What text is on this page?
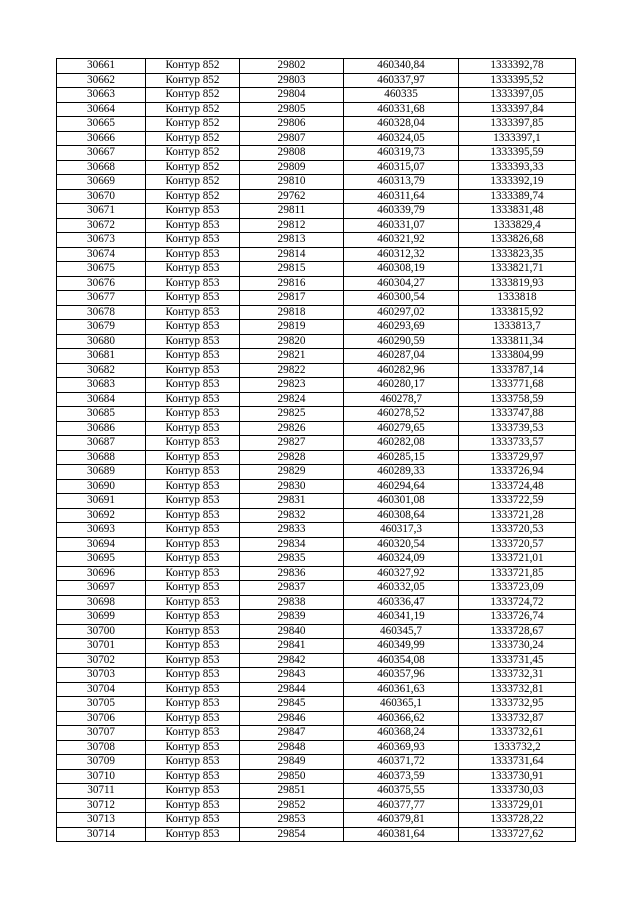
30661	Контур 852	29802	460340,84	1333392,78
30662	Контур 852	29803	460337,97	1333395,52
30663	Контур 852	29804	460335	1333397,05
30664	Контур 852	29805	460331,68	1333397,84
30665	Контур 852	29806	460328,04	1333397,85
30666	Контур 852	29807	460324,05	1333397,1
30667	Контур 852	29808	460319,73	1333395,59
30668	Контур 852	29809	460315,07	1333393,33
30669	Контур 852	29810	460313,79	1333392,19
30670	Контур 852	29762	460311,64	1333389,74
30671	Контур 853	29811	460339,79	1333831,48
30672	Контур 853	29812	460331,07	1333829,4
30673	Контур 853	29813	460321,92	1333826,68
30674	Контур 853	29814	460312,32	1333823,35
30675	Контур 853	29815	460308,19	1333821,71
30676	Контур 853	29816	460304,27	1333819,93
30677	Контур 853	29817	460300,54	1333818
30678	Контур 853	29818	460297,02	1333815,92
30679	Контур 853	29819	460293,69	1333813,7
30680	Контур 853	29820	460290,59	1333811,34
30681	Контур 853	29821	460287,04	1333804,99
30682	Контур 853	29822	460282,96	1333787,14
30683	Контур 853	29823	460280,17	1333771,68
30684	Контур 853	29824	460278,7	1333758,59
30685	Контур 853	29825	460278,52	1333747,88
30686	Контур 853	29826	460279,65	1333739,53
30687	Контур 853	29827	460282,08	1333733,57
30688	Контур 853	29828	460285,15	1333729,97
30689	Контур 853	29829	460289,33	1333726,94
30690	Контур 853	29830	460294,64	1333724,48
30691	Контур 853	29831	460301,08	1333722,59
30692	Контур 853	29832	460308,64	1333721,28
30693	Контур 853	29833	460317,3	1333720,53
30694	Контур 853	29834	460320,54	1333720,57
30695	Контур 853	29835	460324,09	1333721,01
30696	Контур 853	29836	460327,92	1333721,85
30697	Контур 853	29837	460332,05	1333723,09
30698	Контур 853	29838	460336,47	1333724,72
30699	Контур 853	29839	460341,19	1333726,74
30700	Контур 853	29840	460345,7	1333728,67
30701	Контур 853	29841	460349,99	1333730,24
30702	Контур 853	29842	460354,08	1333731,45
30703	Контур 853	29843	460357,96	1333732,31
30704	Контур 853	29844	460361,63	1333732,81
30705	Контур 853	29845	460365,1	1333732,95
30706	Контур 853	29846	460366,62	1333732,87
30707	Контур 853	29847	460368,24	1333732,61
30708	Контур 853	29848	460369,93	1333732,2
30709	Контур 853	29849	460371,72	1333731,64
30710	Контур 853	29850	460373,59	1333730,91
30711	Контур 853	29851	460375,55	1333730,03
30712	Контур 853	29852	460377,77	1333729,01
30713	Контур 853	29853	460379,81	1333728,22
30714	Контур 853	29854	460381,64	1333727,62
